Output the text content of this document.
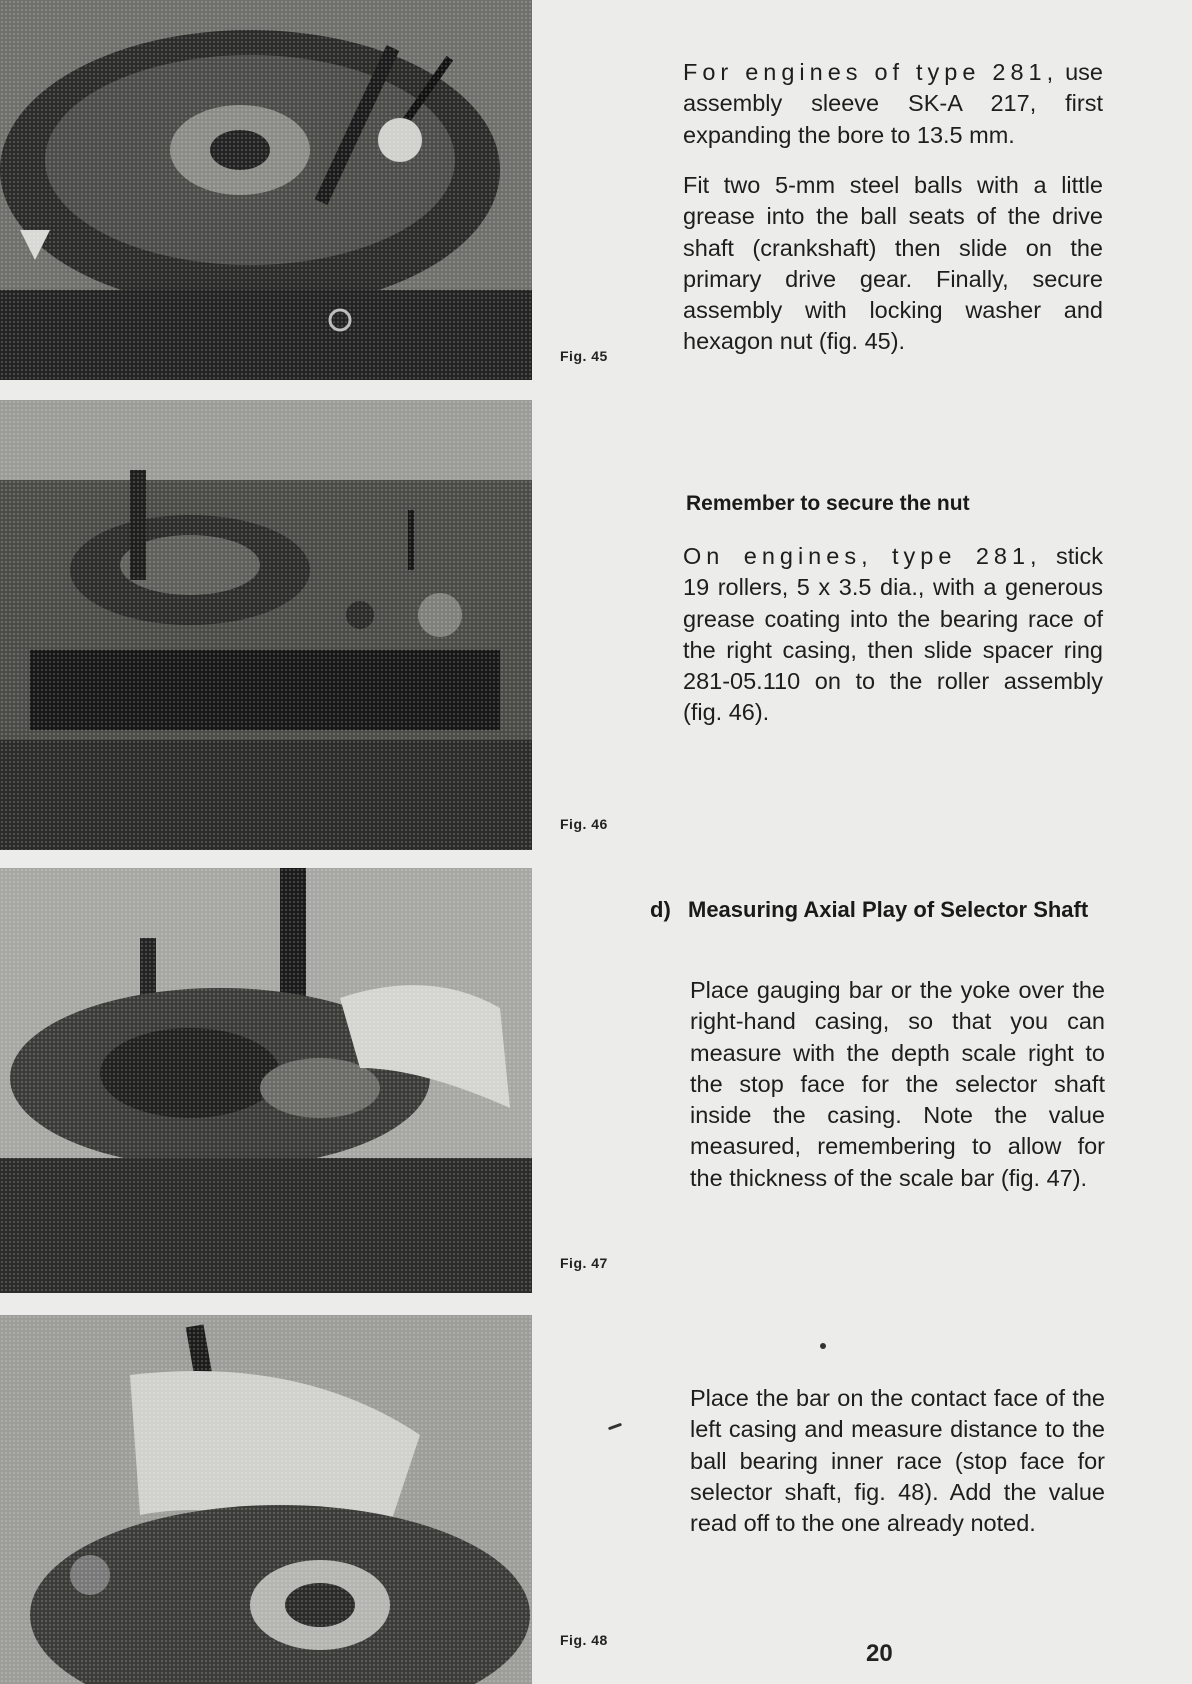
Fig. 45
Fig. 46
Fig. 47
Fig. 48

For engines of type 281, use assembly sleeve SK-A 217, first expanding the bore to 13.5 mm.

Fit two 5-mm steel balls with a little grease into the ball seats of the drive shaft (crankshaft) then slide on the primary drive gear. Finally, secure assembly with locking washer and hexagon nut (fig. 45).

Remember to secure the nut

On engines, type 281, stick 19 rollers, 5 x 3.5 dia., with a generous grease coating into the bearing race of the right casing, then slide spacer ring 281-05.110 on to the roller assembly (fig. 46).

d) Measuring Axial Play of Selector Shaft

Place gauging bar or the yoke over the right-hand casing, so that you can measure with the depth scale right to the stop face for the selector shaft inside the casing. Note the value measured, remembering to allow for the thickness of the scale bar (fig. 47).

Place the bar on the contact face of the left casing and measure distance to the ball bearing inner race (stop face for selector shaft, fig. 48). Add the value read off to the one already noted.

20
